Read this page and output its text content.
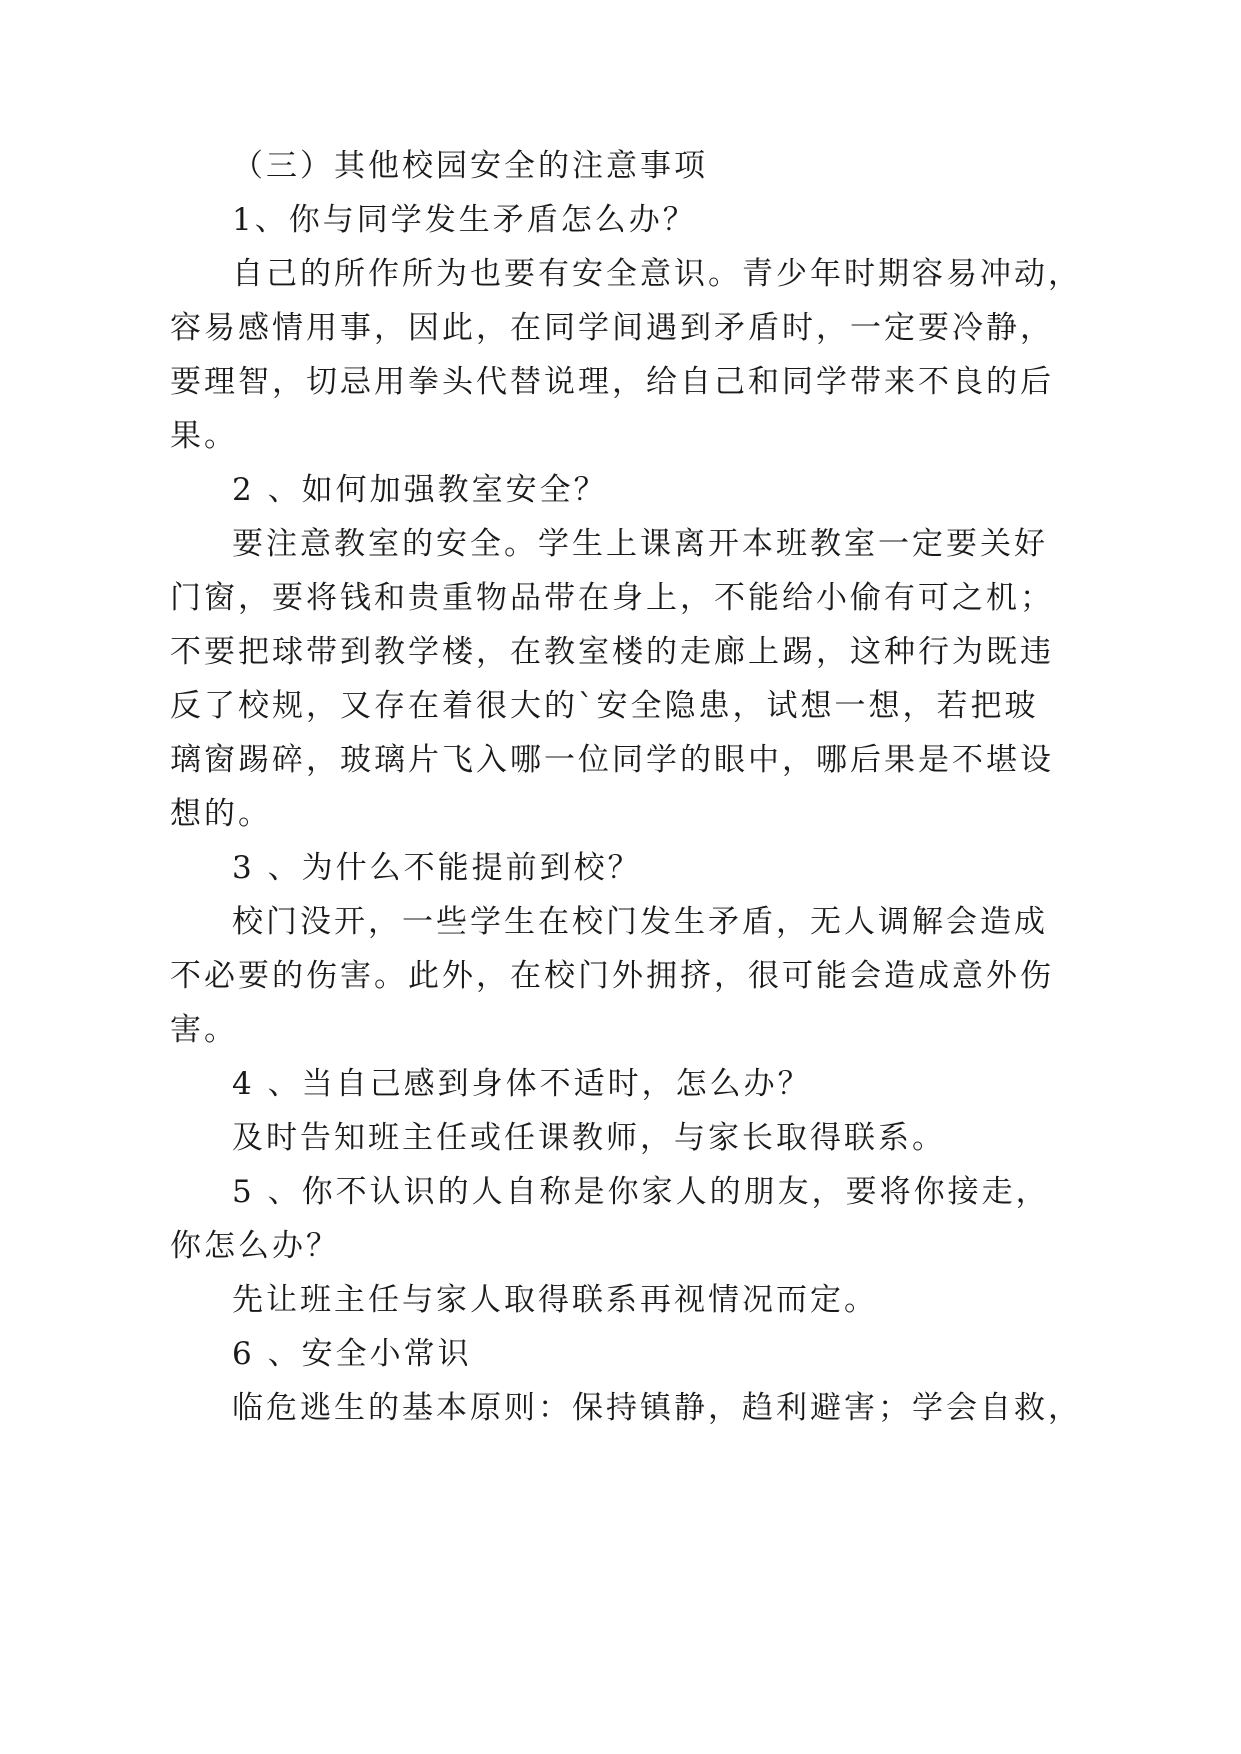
（三）其他校园安全的注意事项
1、你与同学发生矛盾怎么办？
自己的所作所为也要有安全意识。青少年时期容易冲动，
容易感情用事，因此，在同学间遇到矛盾时，一定要冷静，
要理智，切忌用拳头代替说理，给自己和同学带来不良的后
果。
2 、如何加强教室安全？
要注意教室的安全。学生上课离开本班教室一定要关好
门窗，要将钱和贵重物品带在身上，不能给小偷有可之机；
不要把球带到教学楼，在教室楼的走廊上踢，这种行为既违
反了校规，又存在着很大的`安全隐患，试想一想，若把玻
璃窗踢碎，玻璃片飞入哪一位同学的眼中，哪后果是不堪设
想的。
3 、为什么不能提前到校？
校门没开，一些学生在校门发生矛盾，无人调解会造成
不必要的伤害。此外，在校门外拥挤，很可能会造成意外伤
害。
4 、当自己感到身体不适时，怎么办？
及时告知班主任或任课教师，与家长取得联系。
5 、你不认识的人自称是你家人的朋友，要将你接走，
你怎么办？
先让班主任与家人取得联系再视情况而定。
6 、安全小常识
临危逃生的基本原则：保持镇静，趋利避害；学会自救，
